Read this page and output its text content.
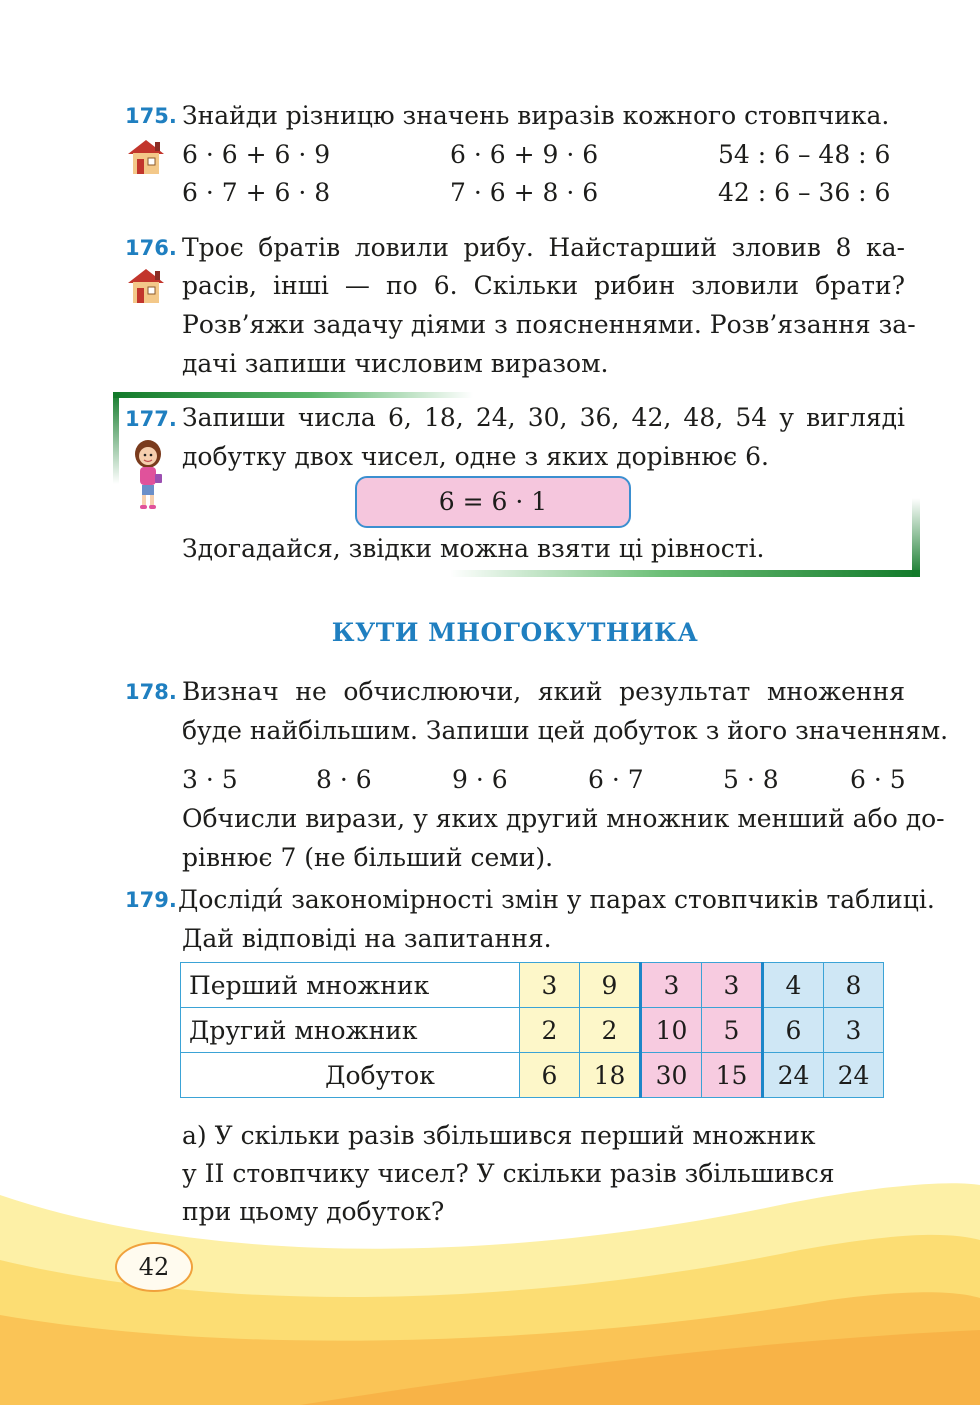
175. Знайди різницю значень виразів кожного стовпчика.
6 · 6 + 6 · 9	6 · 6 + 9 · 6	54 : 6 – 48 : 6
6 · 7 + 6 · 8	7 · 6 + 8 · 6	42 : 6 – 36 : 6
176. Троє братів ловили рибу. Найстарший зловив 8 ка-
расів, інші — по 6. Скільки рибин зловили брати?
Розв’яжи задачу діями з поясненнями. Розв’язання за-
дачі запиши числовим виразом.
177. Запиши числа 6, 18, 24, 30, 36, 42, 48, 54 у вигляді
добутку двох чисел, одне з яких дорівнює 6.
6 = 6 · 1
Здогадайся, звідки можна взяти ці рівності.
КУТИ МНОГОКУТНИКА
178. Визнач не обчислюючи, який результат множення
буде найбільшим. Запиши цей добуток з його значенням.
3 · 5	8 · 6	9 · 6	6 · 7	5 · 8	6 · 5
Обчисли вирази, у яких другий множник менший або до-
рівнює 7 (не більший семи).
179. Досліди́ закономірності змін у парах стовпчиків таблиці.
Дай відповіді на запитання.
Перший множник	3	9	3	3	4	8
Другий множник	2	2	10	5	6	3
Добуток	6	18	30	15	24	24
а) У скільки разів збільшився перший множник
у ІІ стовпчику чисел? У скільки разів збільшився
при цьому добуток?
42
